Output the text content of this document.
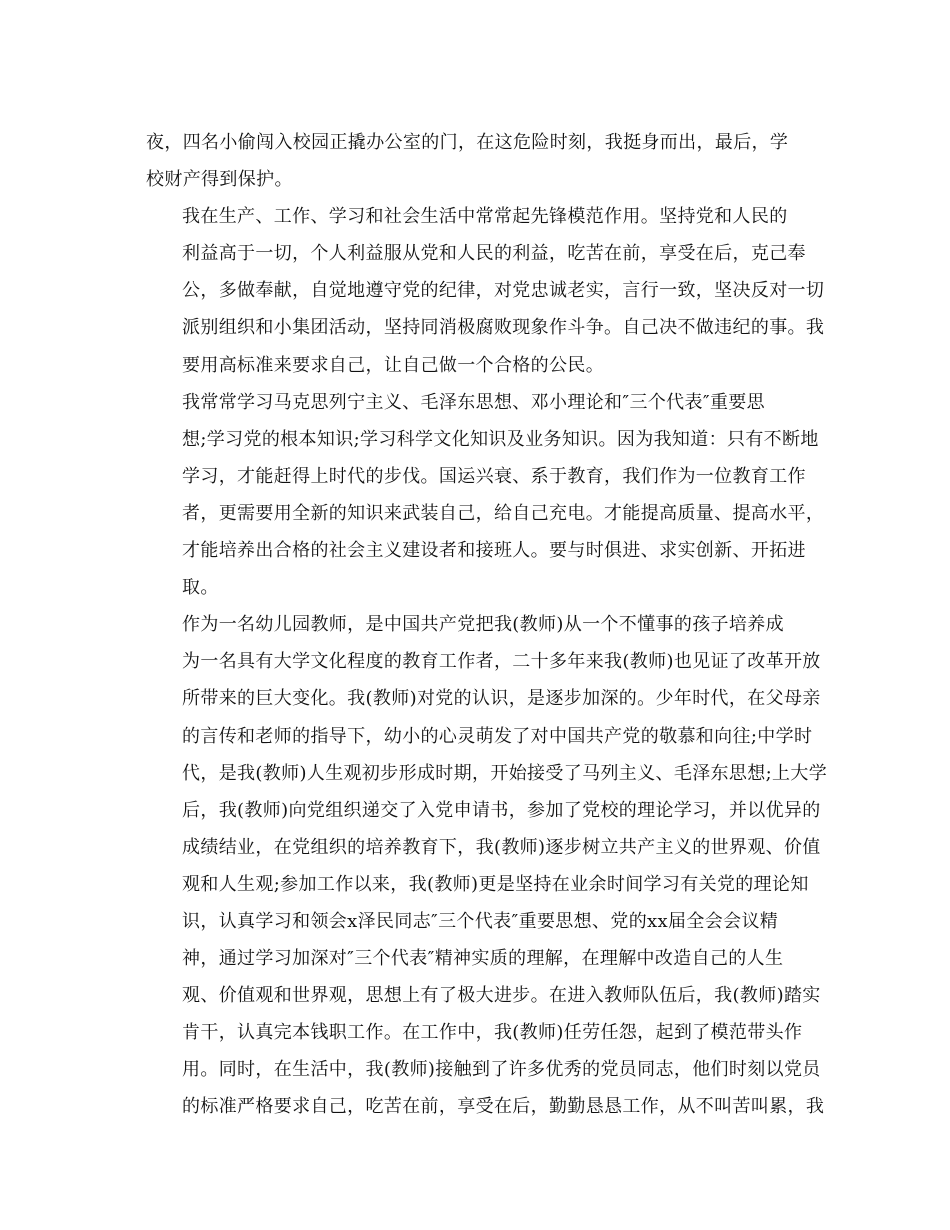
夜，四名小偷闯入校园正撬办公室的门，在这危险时刻，我挺身而出，最后，学
校财产得到保护。

我在生产、工作、学习和社会生活中常常起先锋模范作用。坚持党和人民的
利益高于一切，个人利益服从党和人民的利益，吃苦在前，享受在后，克己奉
公，多做奉献，自觉地遵守党的纪律，对党忠诚老实，言行一致，坚决反对一切
派别组织和小集团活动，坚持同消极腐败现象作斗争。自己决不做违纪的事。我
要用高标准来要求自己，让自己做一个合格的公民。

我常常学习马克思列宁主义、毛泽东思想、邓小理论和″三个代表″重要思
想;学习党的根本知识;学习科学文化知识及业务知识。因为我知道：只有不断地
学习，才能赶得上时代的步伐。国运兴衰、系于教育，我们作为一位教育工作
者，更需要用全新的知识来武装自己，给自己充电。才能提高质量、提高水平，
才能培养出合格的社会主义建设者和接班人。要与时俱进、求实创新、开拓进
取。

作为一名幼儿园教师，是中国共产党把我(教师)从一个不懂事的孩子培养成
为一名具有大学文化程度的教育工作者，二十多年来我(教师)也见证了改革开放
所带来的巨大变化。我(教师)对党的认识，是逐步加深的。少年时代，在父母亲
的言传和老师的指导下，幼小的心灵萌发了对中国共产党的敬慕和向往;中学时
代，是我(教师)人生观初步形成时期，开始接受了马列主义、毛泽东思想;上大学
后，我(教师)向党组织递交了入党申请书，参加了党校的理论学习，并以优异的
成绩结业，在党组织的培养教育下，我(教师)逐步树立共产主义的世界观、价值
观和人生观;参加工作以来，我(教师)更是坚持在业余时间学习有关党的理论知
识，认真学习和领会x泽民同志″三个代表″重要思想、党的xx届全会会议精
神，通过学习加深对″三个代表″精神实质的理解，在理解中改造自己的人生
观、价值观和世界观，思想上有了极大进步。在进入教师队伍后，我(教师)踏实
肯干，认真完本钱职工作。在工作中，我(教师)任劳任怨，起到了模范带头作
用。同时，在生活中，我(教师)接触到了许多优秀的党员同志，他们时刻以党员
的标准严格要求自己，吃苦在前，享受在后，勤勤恳恳工作，从不叫苦叫累，我
